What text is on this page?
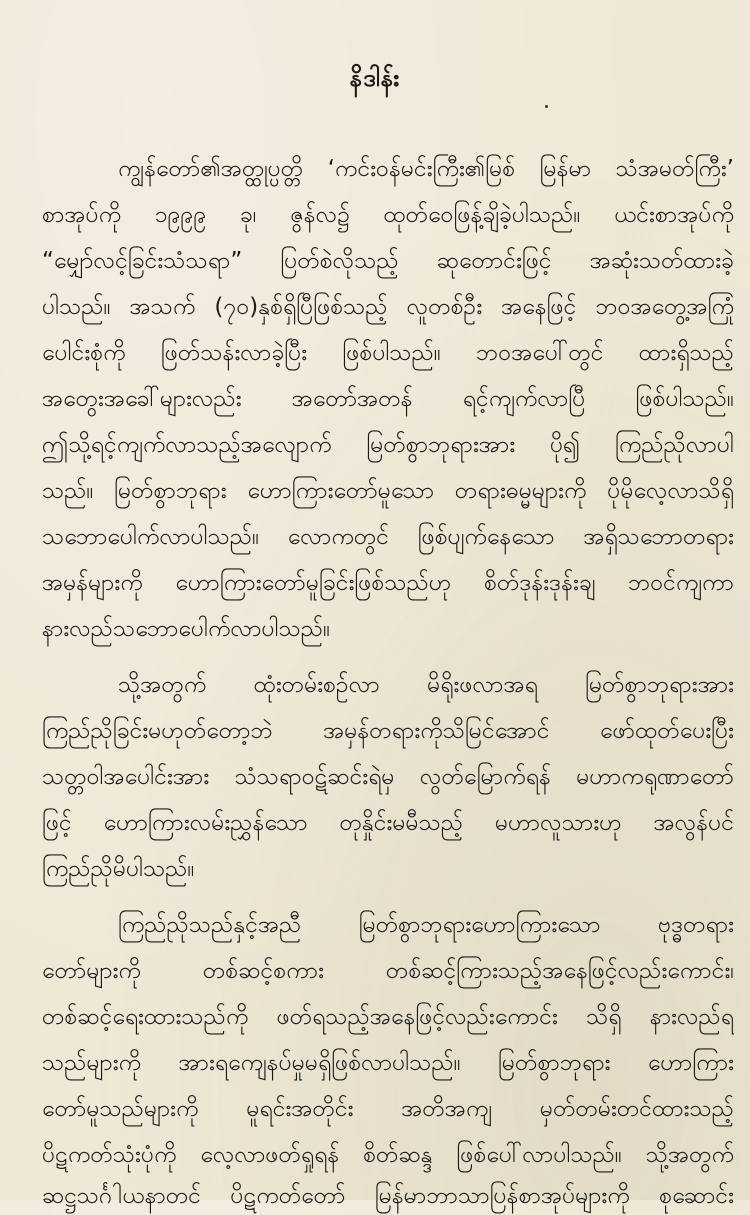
နိဒါန်း
ကျွန်တော်၏အတ္ထုပ္ပတ္တိ ‘ကင်းဝန်မင်းကြီး၏မြစ် မြန်မာ သံအမတ်ကြီး’
စာအုပ်ကို ၁၉၉၉ ခု၊ ဇွန်လ၌ ထုတ်ဝေဖြန့်ချိခဲ့ပါသည်။ ယင်းစာအုပ်ကို
“မျှော်လင့်ခြင်းသံသရာ” ပြတ်စဲလိုသည့် ဆုတောင်းဖြင့် အဆုံးသတ်ထားခဲ့
ပါသည်။ အသက် (၇၀)နှစ်ရှိပြီဖြစ်သည့် လူတစ်ဦး အနေဖြင့် ဘဝအတွေ့အကြုံ
ပေါင်းစုံကို ဖြတ်သန်းလာခဲ့ပြီး ဖြစ်ပါသည်။ ဘဝအပေါ်တွင် ထားရှိသည့်
အတွေးအခေါ်များလည်း အတော်အတန် ရင့်ကျက်လာပြီ ဖြစ်ပါသည်။
ဤသို့ရင့်ကျက်လာသည့်အလျောက် မြတ်စွာဘုရားအား ပို၍ ကြည်ညိုလာပါ
သည်။ မြတ်စွာဘုရား ဟောကြားတော်မူသော တရားဓမ္မများကို ပိုမိုလေ့လာသိရှိ
သဘောပေါက်လာပါသည်။ လောကတွင် ဖြစ်ပျက်နေသော အရှိသဘောတရား
အမှန်များကို ဟောကြားတော်မူခြင်းဖြစ်သည်ဟု စိတ်ဒုန်းဒုန်းချ ဘဝင်ကျကာ
နားလည်သဘောပေါက်လာပါသည်။
သို့အတွက် ထုံးတမ်းစဉ်လာ မိရိုးဖလာအရ မြတ်စွာဘုရားအား
ကြည်ညိုခြင်းမဟုတ်တော့ဘဲ အမှန်တရားကိုသိမြင်အောင် ဖော်ထုတ်ပေးပြီး
သတ္တဝါအပေါင်းအား သံသရာဝဋ်ဆင်းရဲမှ လွတ်မြောက်ရန် မဟာကရုဏာတော်
ဖြင့် ဟောကြားလမ်းညွှန်သော တုနှိုင်းမမီသည့် မဟာလူသားဟု အလွန်ပင်
ကြည်ညိုမိပါသည်။
ကြည်ညိုသည်နှင့်အညီ မြတ်စွာဘုရားဟောကြားသော ဗုဒ္ဓတရား
တော်များကို တစ်ဆင့်စကား တစ်ဆင့်ကြားသည့်အနေဖြင့်လည်းကောင်း၊
တစ်ဆင့်ရေးထားသည်ကို ဖတ်ရသည့်အနေဖြင့်လည်းကောင်း သိရှိ နားလည်ရ
သည်များကို အားရကျေနပ်မှုမရှိဖြစ်လာပါသည်။ မြတ်စွာဘုရား ဟောကြား
တော်မူသည်များကို မူရင်းအတိုင်း အတိအကျ မှတ်တမ်းတင်ထားသည့်
ပိဋကတ်သုံးပုံကို လေ့လာဖတ်ရှုရန် စိတ်ဆန္ဒ ဖြစ်ပေါ်လာပါသည်။ သို့အတွက်
ဆဋ္ဌသင်္ဂါယနာတင် ပိဋကတ်တော် မြန်မာဘာသာပြန်စာအုပ်များကို စုဆောင်း
